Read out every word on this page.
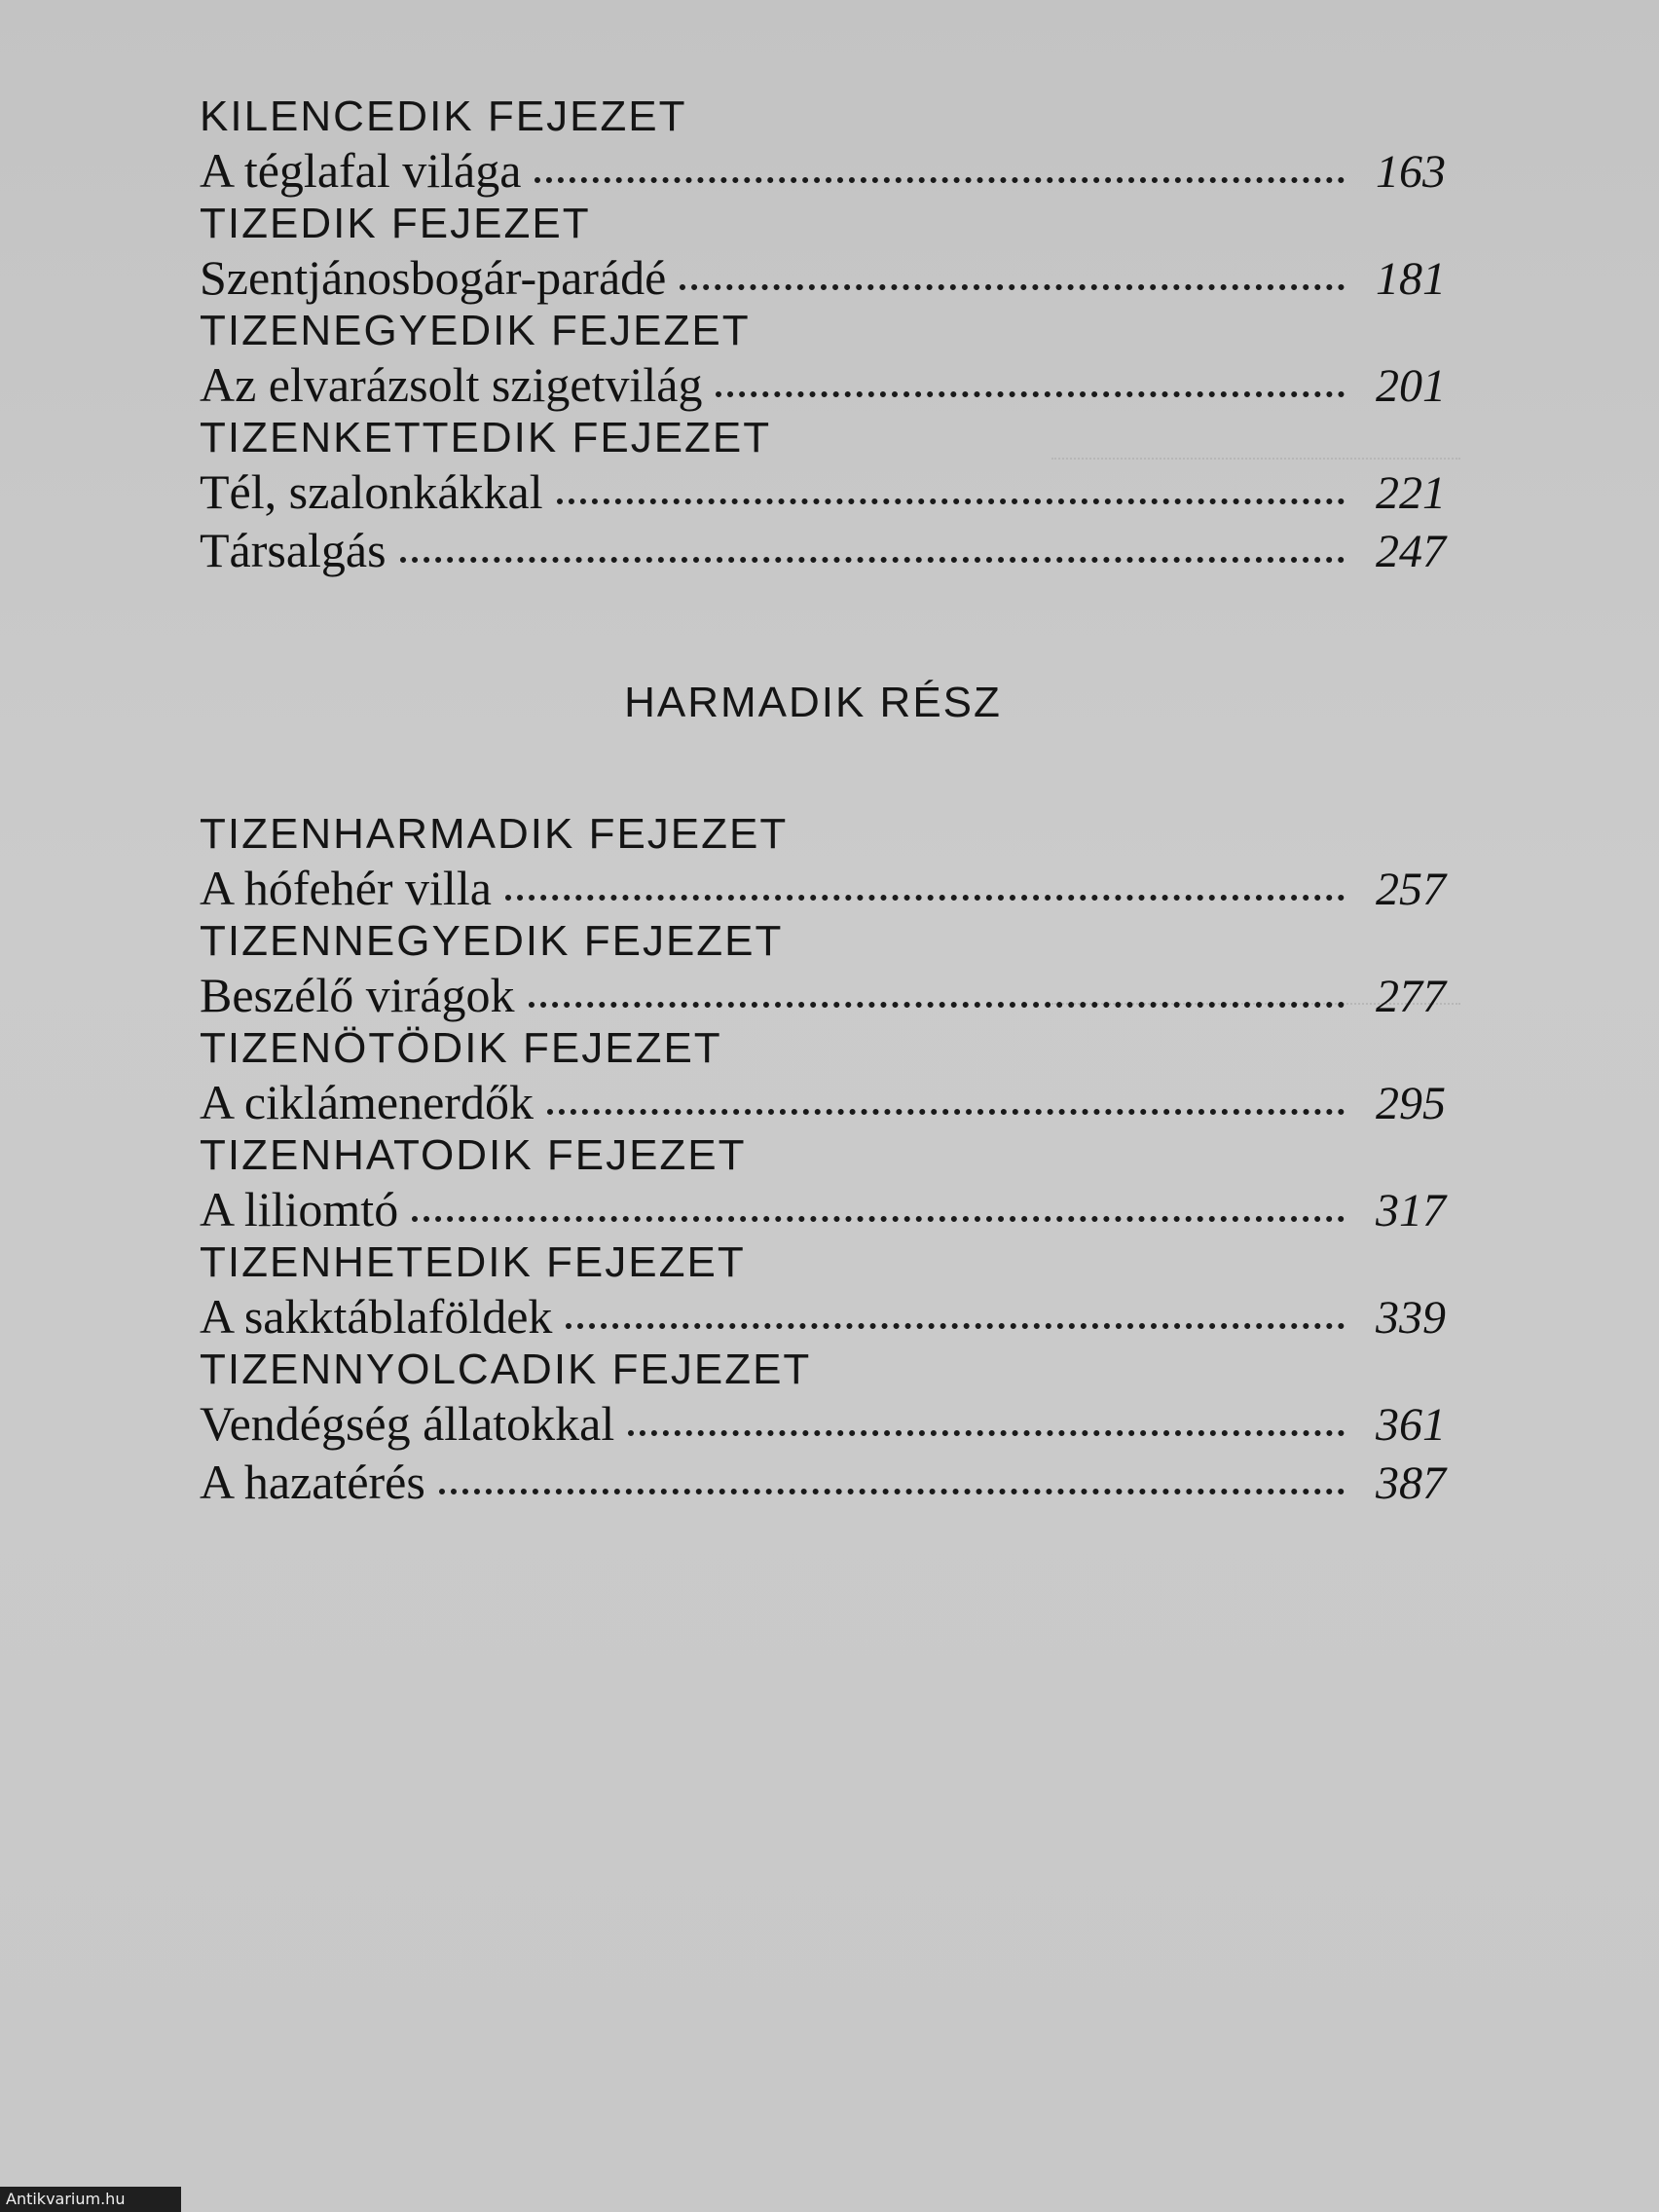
KILENCEDIK FEJEZET
A téglafal világa	163
TIZEDIK FEJEZET
Szentjánosbogár-parádé	181
TIZENEGYEDIK FEJEZET
Az elvarázsolt szigetvilág	201
TIZENKETTEDIK FEJEZET
Tél, szalonkákkal	221
Társalgás	247
HARMADIK RÉSZ
TIZENHARMADIK FEJEZET
A hófehér villa	257
TIZENNEGYEDIK FEJEZET
Beszélő virágok	277
TIZENÖTÖDIK FEJEZET
A ciklámenerdők	295
TIZENHATODIK FEJEZET
A liliomtó	317
TIZENHETEDIK FEJEZET
A sakktáblaföldek	339
TIZENNYOLCADIK FEJEZET
Vendégség állatokkal	361
A hazatérés	387
Antikvarium.hu
